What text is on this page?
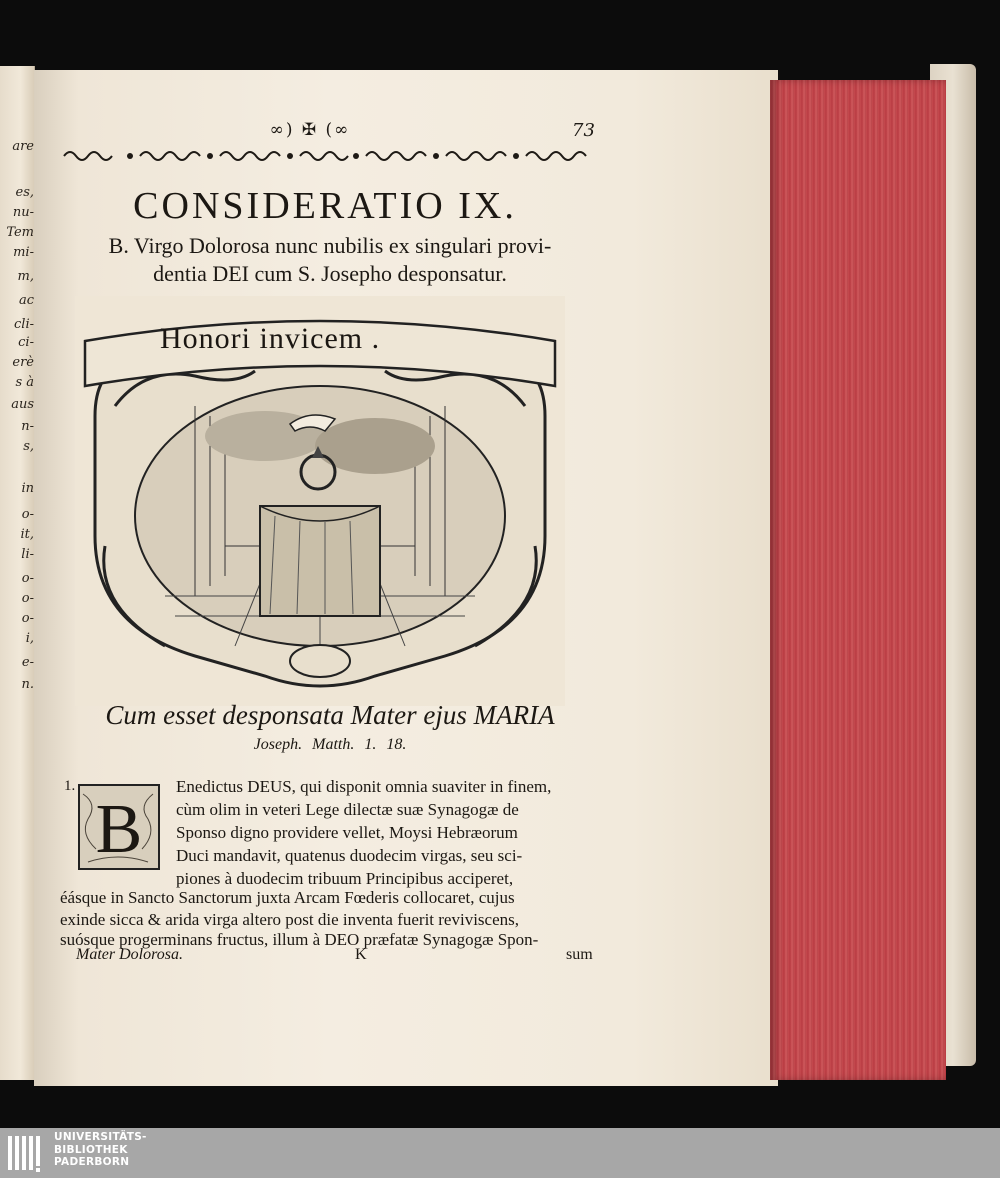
are
es,
nu-
Tem
mi-
m,
ac
cli-
ci-
erè
s à
aus
n-
s,
in
o-
it,
li-
o-
o-
o-
i,
e-
n.
∞) ✠ (∞	73
CONSIDERATIO IX.
B. Virgo Dolorosa nunc nubilis ex singulari provi-
dentia DEI cum S. Josepho desponsatur.
Honori invicem .
Cum esset desponsata Mater ejus MARIA
Joseph. Matth. 1. 18.
1.
B
Enedictus DEUS, qui disponit omnia suaviter in finem,
cùm olim in veteri Lege dilectæ suæ Synagogæ de
Sponso digno providere vellet, Moysi Hebræorum
Duci mandavit, quatenus duodecim virgas, seu sci-
piones à duodecim tribuum Principibus acciperet,
éásque in Sancto Sanctorum juxta Arcam Fœderis collocaret, cujus
exinde sicca & arida virga altero post die inventa fuerit reviviscens,
suósque progerminans fructus, illum à DEO præfatæ Synagogæ Spon-
Mater Dolorosa.	K	sum
UNIVERSITÄTS-
BIBLIOTHEK
PADERBORN
